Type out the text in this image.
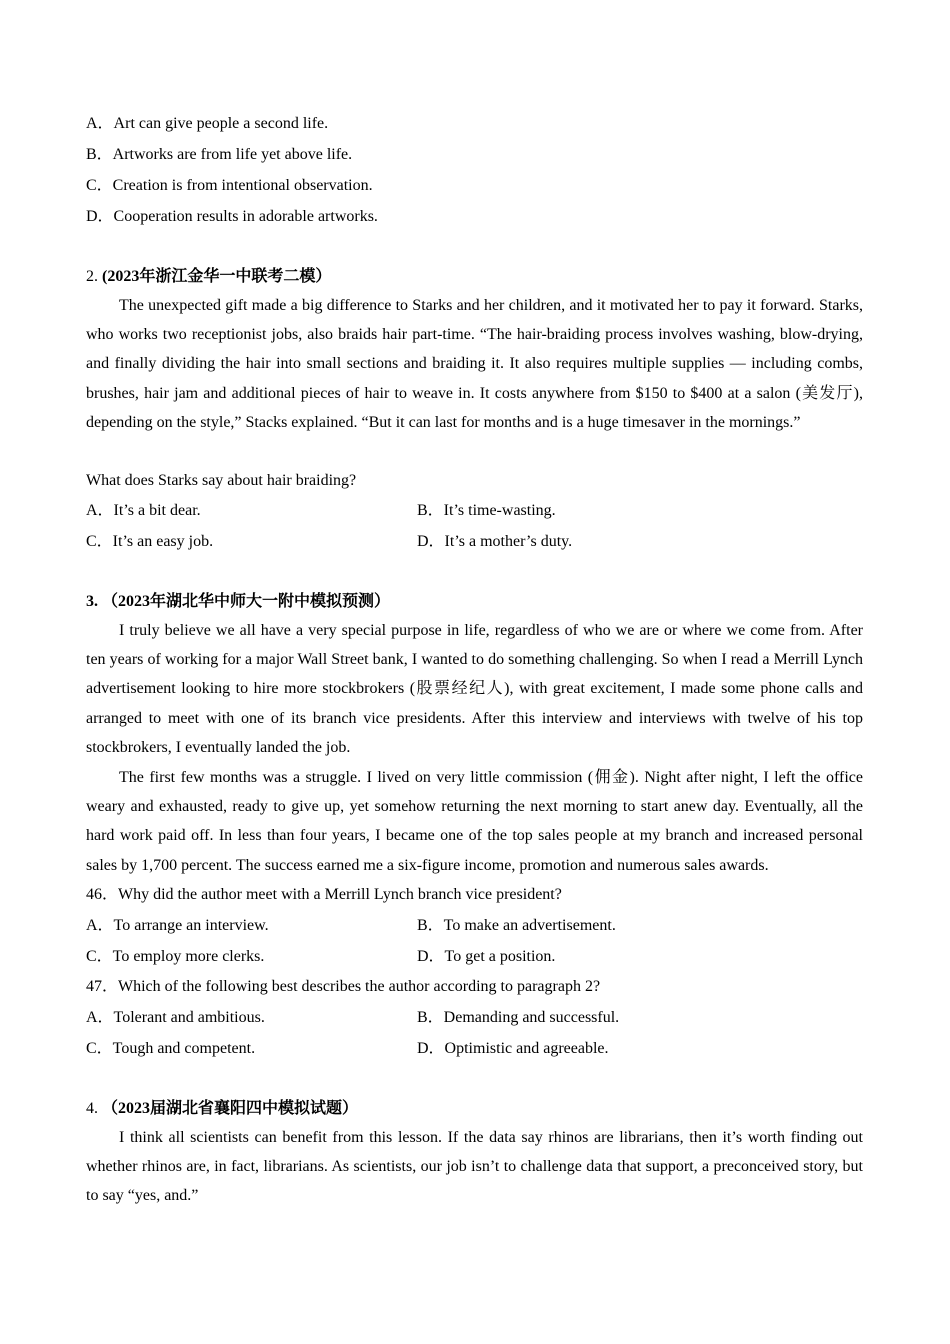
A．Art can give people a second life.
B．Artworks are from life yet above life.
C．Creation is from intentional observation.
D．Cooperation results in adorable artworks.
2. (2023年浙江金华一中联考二模）
The unexpected gift made a big difference to Starks and her children, and it motivated her to pay it forward. Starks, who works two receptionist jobs, also braids hair part-time. “The hair-braiding process involves washing, blow-drying, and finally dividing the hair into small sections and braiding it. It also requires multiple supplies — including combs, brushes, hair jam and additional pieces of hair to weave in. It costs anywhere from $150 to $400 at a salon (美发厅), depending on the style,” Stacks explained. “But it can last for months and is a huge timesaver in the mornings.”
What does Starks say about hair braiding?
A．It’s a bit dear.	B．It’s time-wasting.
C．It’s an easy job.	D．It’s a mother’s duty.
3. （2023年湖北华中师大一附中模拟预测）
I truly believe we all have a very special purpose in life, regardless of who we are or where we come from. After ten years of working for a major Wall Street bank, I wanted to do something challenging. So when I read a Merrill Lynch advertisement looking to hire more stockbrokers (股票经纪人), with great excitement, I made some phone calls and arranged to meet with one of its branch vice presidents. After this interview and interviews with twelve of his top stockbrokers, I eventually landed the job.
The first few months was a struggle. I lived on very little commission (佣金). Night after night, I left the office weary and exhausted, ready to give up, yet somehow returning the next morning to start anew day. Eventually, all the hard work paid off. In less than four years, I became one of the top sales people at my branch and increased personal sales by 1,700 percent. The success earned me a six-figure income, promotion and numerous sales awards.
46．Why did the author meet with a Merrill Lynch branch vice president?
A．To arrange an interview.	B．To make an advertisement.
C．To employ more clerks.	D．To get a position.
47．Which of the following best describes the author according to paragraph 2?
A．Tolerant and ambitious.	B．Demanding and successful.
C．Tough and competent.	D．Optimistic and agreeable.
4. （2023届湖北省襄阳四中模拟试题）
I think all scientists can benefit from this lesson. If the data say rhinos are librarians, then it’s worth finding out whether rhinos are, in fact, librarians. As scientists, our job isn’t to challenge data that support, a preconceived story, but to say “yes, and.”
